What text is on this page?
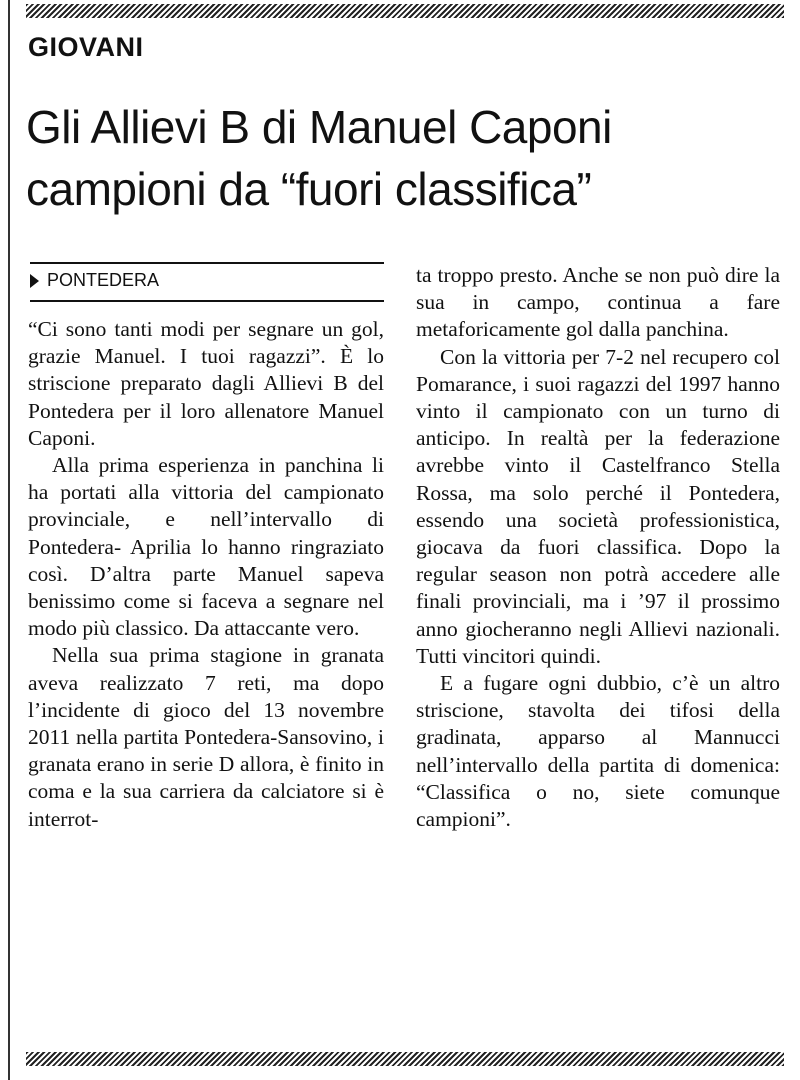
GIOVANI
Gli Allievi B di Manuel Caponi
campioni da “fuori classifica”
PONTEDERA

“Ci sono tanti modi per segnare un gol, grazie Manuel. I tuoi ragazzi”. È lo striscione preparato dagli Allievi B del Pontedera per il loro allenatore Manuel Caponi.

Alla prima esperienza in panchina li ha portati alla vittoria del campionato provinciale, e nell’intervallo di Pontedera- Aprilia lo hanno ringraziato così. D’altra parte Manuel sapeva benissimo come si faceva a segnare nel modo più classico. Da attaccante vero.

Nella sua prima stagione in granata aveva realizzato 7 reti, ma dopo l’incidente di gioco del 13 novembre 2011 nella partita Pontedera-Sansovino, i granata erano in serie D allora, è finito in coma e la sua carriera da calciatore si è interrot-

ta troppo presto. Anche se non può dire la sua in campo, continua a fare metaforicamente gol dalla panchina.

Con la vittoria per 7-2 nel recupero col Pomarance, i suoi ragazzi del 1997 hanno vinto il campionato con un turno di anticipo. In realtà per la federazione avrebbe vinto il Castelfranco Stella Rossa, ma solo perché il Pontedera, essendo una società professionistica, giocava da fuori classifica. Dopo la regular season non potrà accedere alle finali provinciali, ma i ’97 il prossimo anno giocheranno negli Allievi nazionali. Tutti vincitori quindi.

E a fugare ogni dubbio, c’è un altro striscione, stavolta dei tifosi della gradinata, apparso al Mannucci nell’intervallo della partita di domenica: “Classifica o no, siete comunque campioni”.
